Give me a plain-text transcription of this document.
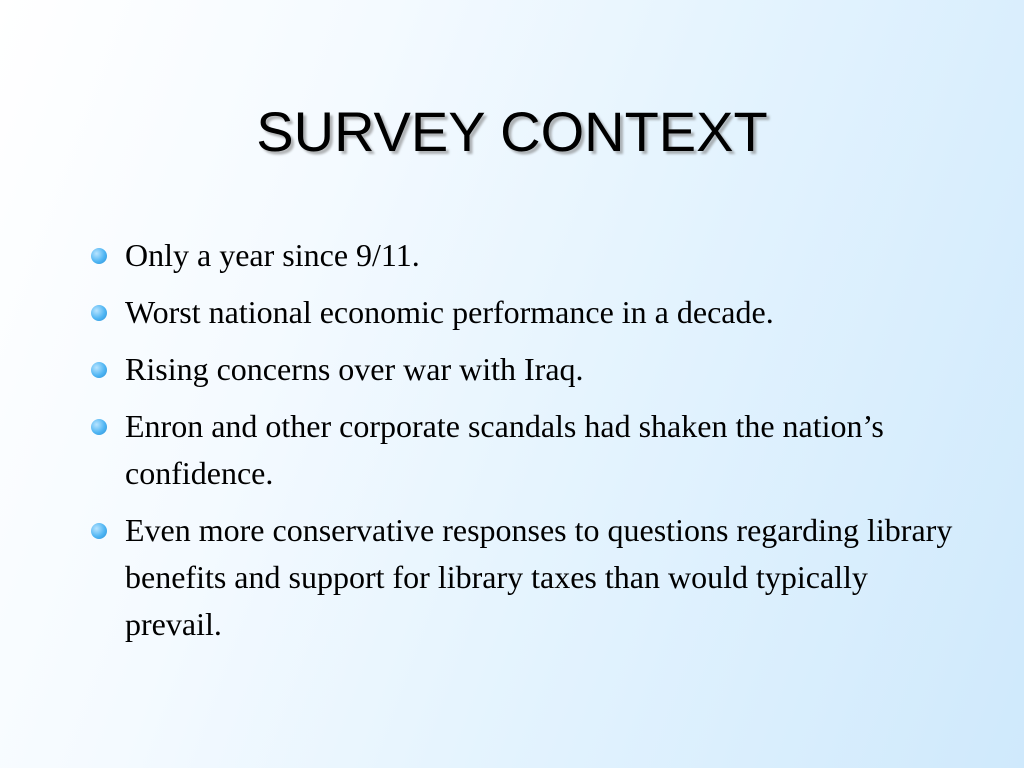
SURVEY CONTEXT
Only a year since 9/11.
Worst national economic performance in a decade.
Rising concerns over war with Iraq.
Enron and other corporate scandals had shaken the nation’s confidence.
Even more conservative responses to questions regarding library benefits and support for library taxes than would typically prevail.
